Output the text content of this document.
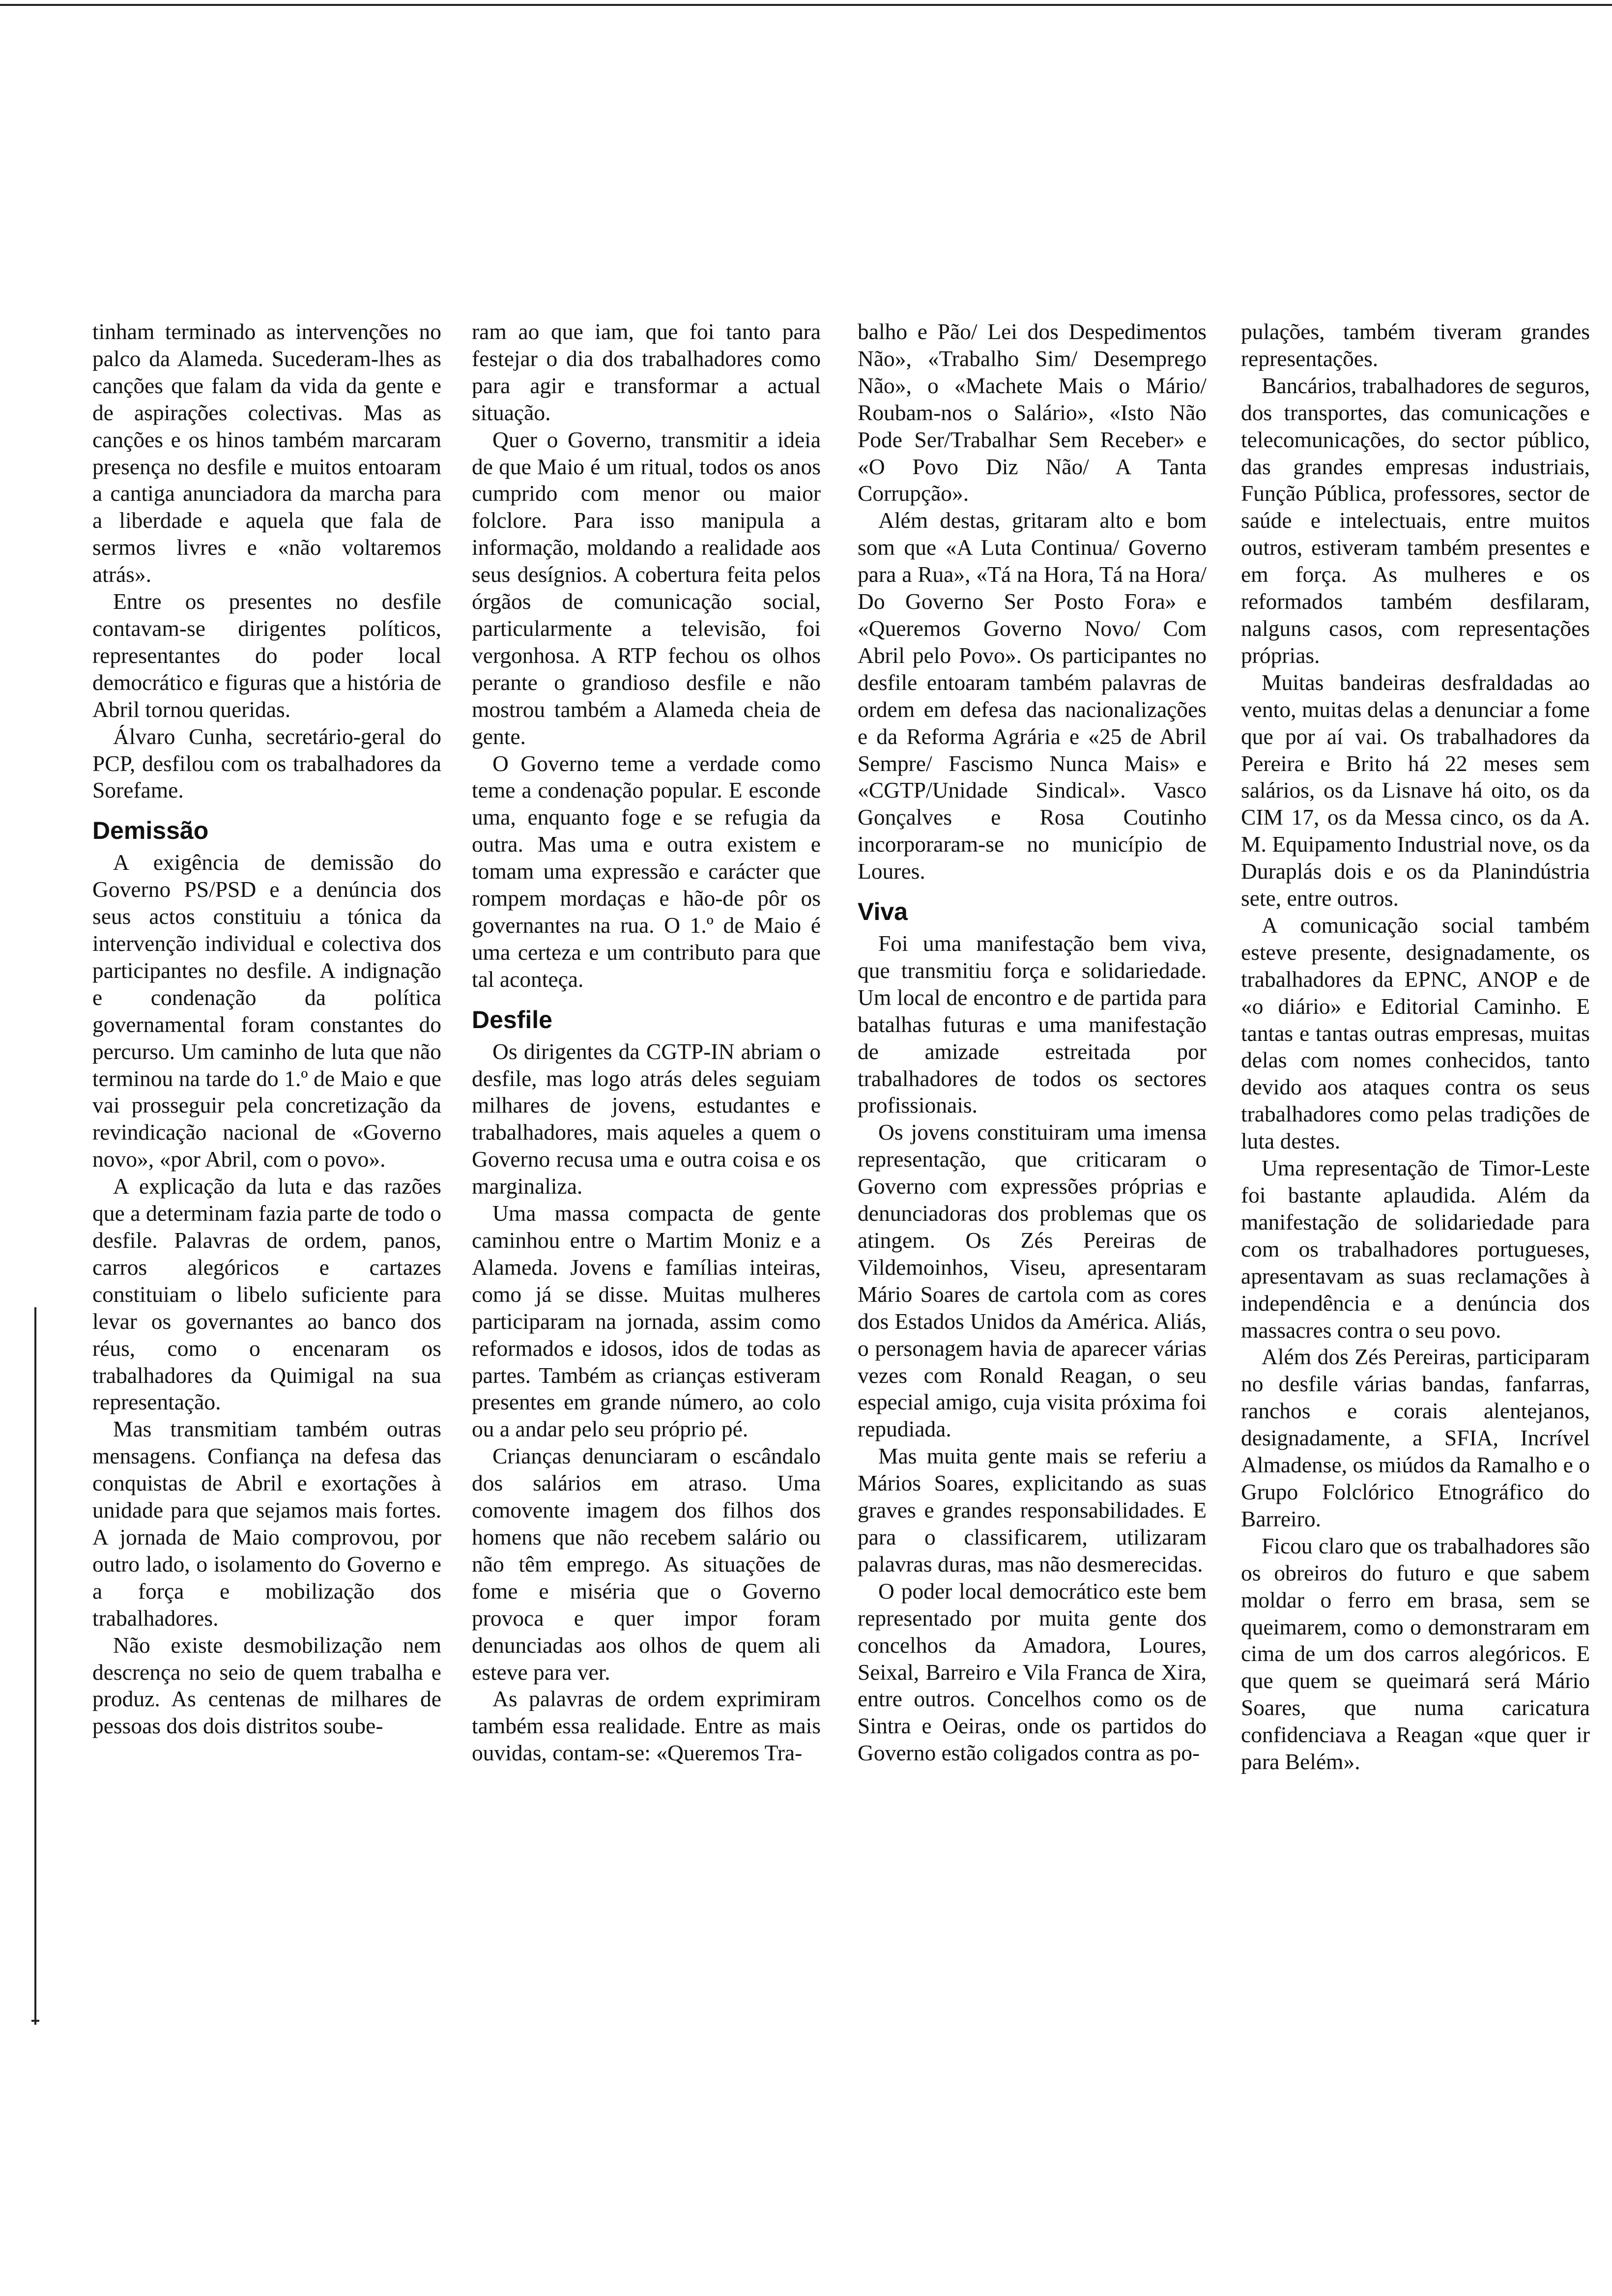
tinham terminado as intervenções no palco da Alameda. Sucederam-lhes as canções que falam da vida da gente e de aspirações colectivas. Mas as canções e os hinos também marcaram presença no desfile e muitos entoaram a cantiga anunciadora da marcha para a liberdade e aquela que fala de sermos livres e «não voltaremos atrás».

Entre os presentes no desfile contavam-se dirigentes políticos, representantes do poder local democrático e figuras que a história de Abril tornou queridas.

Álvaro Cunha, secretário-geral do PCP, desfilou com os trabalhadores da Sorefame.

Demissão

A exigência de demissão do Governo PS/PSD e a denúncia dos seus actos constituiu a tónica da intervenção individual e colectiva dos participantes no desfile. A indignação e condenação da política governamental foram constantes do percurso. Um caminho de luta que não terminou na tarde do 1.º de Maio e que vai prosseguir pela concretização da revindicação nacional de «Governo novo», «por Abril, com o povo».

A explicação da luta e das razões que a determinam fazia parte de todo o desfile. Palavras de ordem, panos, carros alegóricos e cartazes constituiam o libelo suficiente para levar os governantes ao banco dos réus, como o encenaram os trabalhadores da Quimigal na sua representação.

Mas transmitiam também outras mensagens. Confiança na defesa das conquistas de Abril e exortações à unidade para que sejamos mais fortes. A jornada de Maio comprovou, por outro lado, o isolamento do Governo e a força e mobilização dos trabalhadores.

Não existe desmobilização nem descrença no seio de quem trabalha e produz. As centenas de milhares de pessoas dos dois distritos soube-

ram ao que iam, que foi tanto para festejar o dia dos trabalhadores como para agir e transformar a actual situação.

Quer o Governo, transmitir a ideia de que Maio é um ritual, todos os anos cumprido com menor ou maior folclore. Para isso manipula a informação, moldando a realidade aos seus desígnios. A cobertura feita pelos órgãos de comunicação social, particularmente a televisão, foi vergonhosa. A RTP fechou os olhos perante o grandioso desfile e não mostrou também a Alameda cheia de gente.

O Governo teme a verdade como teme a condenação popular. E esconde uma, enquanto foge e se refugia da outra. Mas uma e outra existem e tomam uma expressão e carácter que rompem mordaças e hão-de pôr os governantes na rua. O 1.º de Maio é uma certeza e um contributo para que tal aconteça.

Desfile

Os dirigentes da CGTP-IN abriam o desfile, mas logo atrás deles seguiam milhares de jovens, estudantes e trabalhadores, mais aqueles a quem o Governo recusa uma e outra coisa e os marginaliza.

Uma massa compacta de gente caminhou entre o Martim Moniz e a Alameda. Jovens e famílias inteiras, como já se disse. Muitas mulheres participaram na jornada, assim como reformados e idosos, idos de todas as partes. Também as crianças estiveram presentes em grande número, ao colo ou a andar pelo seu próprio pé.

Crianças denunciaram o escândalo dos salários em atraso. Uma comovente imagem dos filhos dos homens que não recebem salário ou não têm emprego. As situações de fome e miséria que o Governo provoca e quer impor foram denunciadas aos olhos de quem ali esteve para ver.

As palavras de ordem exprimiram também essa realidade. Entre as mais ouvidas, contam-se: «Queremos Tra-

balho e Pão/ Lei dos Despedimentos Não», «Trabalho Sim/ Desemprego Não», o «Machete Mais o Mário/ Roubam-nos o Salário», «Isto Não Pode Ser/Trabalhar Sem Receber» e «O Povo Diz Não/ A Tanta Corrupção».

Além destas, gritaram alto e bom som que «A Luta Continua/ Governo para a Rua», «Tá na Hora, Tá na Hora/ Do Governo Ser Posto Fora» e «Queremos Governo Novo/ Com Abril pelo Povo». Os participantes no desfile entoaram também palavras de ordem em defesa das nacionalizações e da Reforma Agrária e «25 de Abril Sempre/ Fascismo Nunca Mais» e «CGTP/Unidade Sindical». Vasco Gonçalves e Rosa Coutinho incorporaram-se no município de Loures.

Viva

Foi uma manifestação bem viva, que transmitiu força e solidariedade. Um local de encontro e de partida para batalhas futuras e uma manifestação de amizade estreitada por trabalhadores de todos os sectores profissionais.

Os jovens constituiram uma imensa representação, que criticaram o Governo com expressões próprias e denunciadoras dos problemas que os atingem. Os Zés Pereiras de Vildemoinhos, Viseu, apresentaram Mário Soares de cartola com as cores dos Estados Unidos da América. Aliás, o personagem havia de aparecer várias vezes com Ronald Reagan, o seu especial amigo, cuja visita próxima foi repudiada.

Mas muita gente mais se referiu a Mários Soares, explicitando as suas graves e grandes responsabilidades. E para o classificarem, utilizaram palavras duras, mas não desmerecidas.

O poder local democrático este bem representado por muita gente dos concelhos da Amadora, Loures, Seixal, Barreiro e Vila Franca de Xira, entre outros. Concelhos como os de Sintra e Oeiras, onde os partidos do Governo estão coligados contra as po-

pulações, também tiveram grandes representações.

Bancários, trabalhadores de seguros, dos transportes, das comunicações e telecomunicações, do sector público, das grandes empresas industriais, Função Pública, professores, sector de saúde e intelectuais, entre muitos outros, estiveram também presentes e em força. As mulheres e os reformados também desfilaram, nalguns casos, com representações próprias.

Muitas bandeiras desfraldadas ao vento, muitas delas a denunciar a fome que por aí vai. Os trabalhadores da Pereira e Brito há 22 meses sem salários, os da Lisnave há oito, os da CIM 17, os da Messa cinco, os da A. M. Equipamento Industrial nove, os da Duraplás dois e os da Planindústria sete, entre outros.

A comunicação social também esteve presente, designadamente, os trabalhadores da EPNC, ANOP e de «o diário» e Editorial Caminho. E tantas e tantas outras empresas, muitas delas com nomes conhecidos, tanto devido aos ataques contra os seus trabalhadores como pelas tradições de luta destes.

Uma representação de Timor-Leste foi bastante aplaudida. Além da manifestação de solidariedade para com os trabalhadores portugueses, apresentavam as suas reclamações à independência e a denúncia dos massacres contra o seu povo.

Além dos Zés Pereiras, participaram no desfile várias bandas, fanfarras, ranchos e corais alentejanos, designadamente, a SFIA, Incrível Almadense, os miúdos da Ramalho e o Grupo Folclórico Etnográfico do Barreiro.

Ficou claro que os trabalhadores são os obreiros do futuro e que sabem moldar o ferro em brasa, sem se queimarem, como o demonstraram em cima de um dos carros alegóricos. E que quem se queimará será Mário Soares, que numa caricatura confidenciava a Reagan «que quer ir para Belém».
